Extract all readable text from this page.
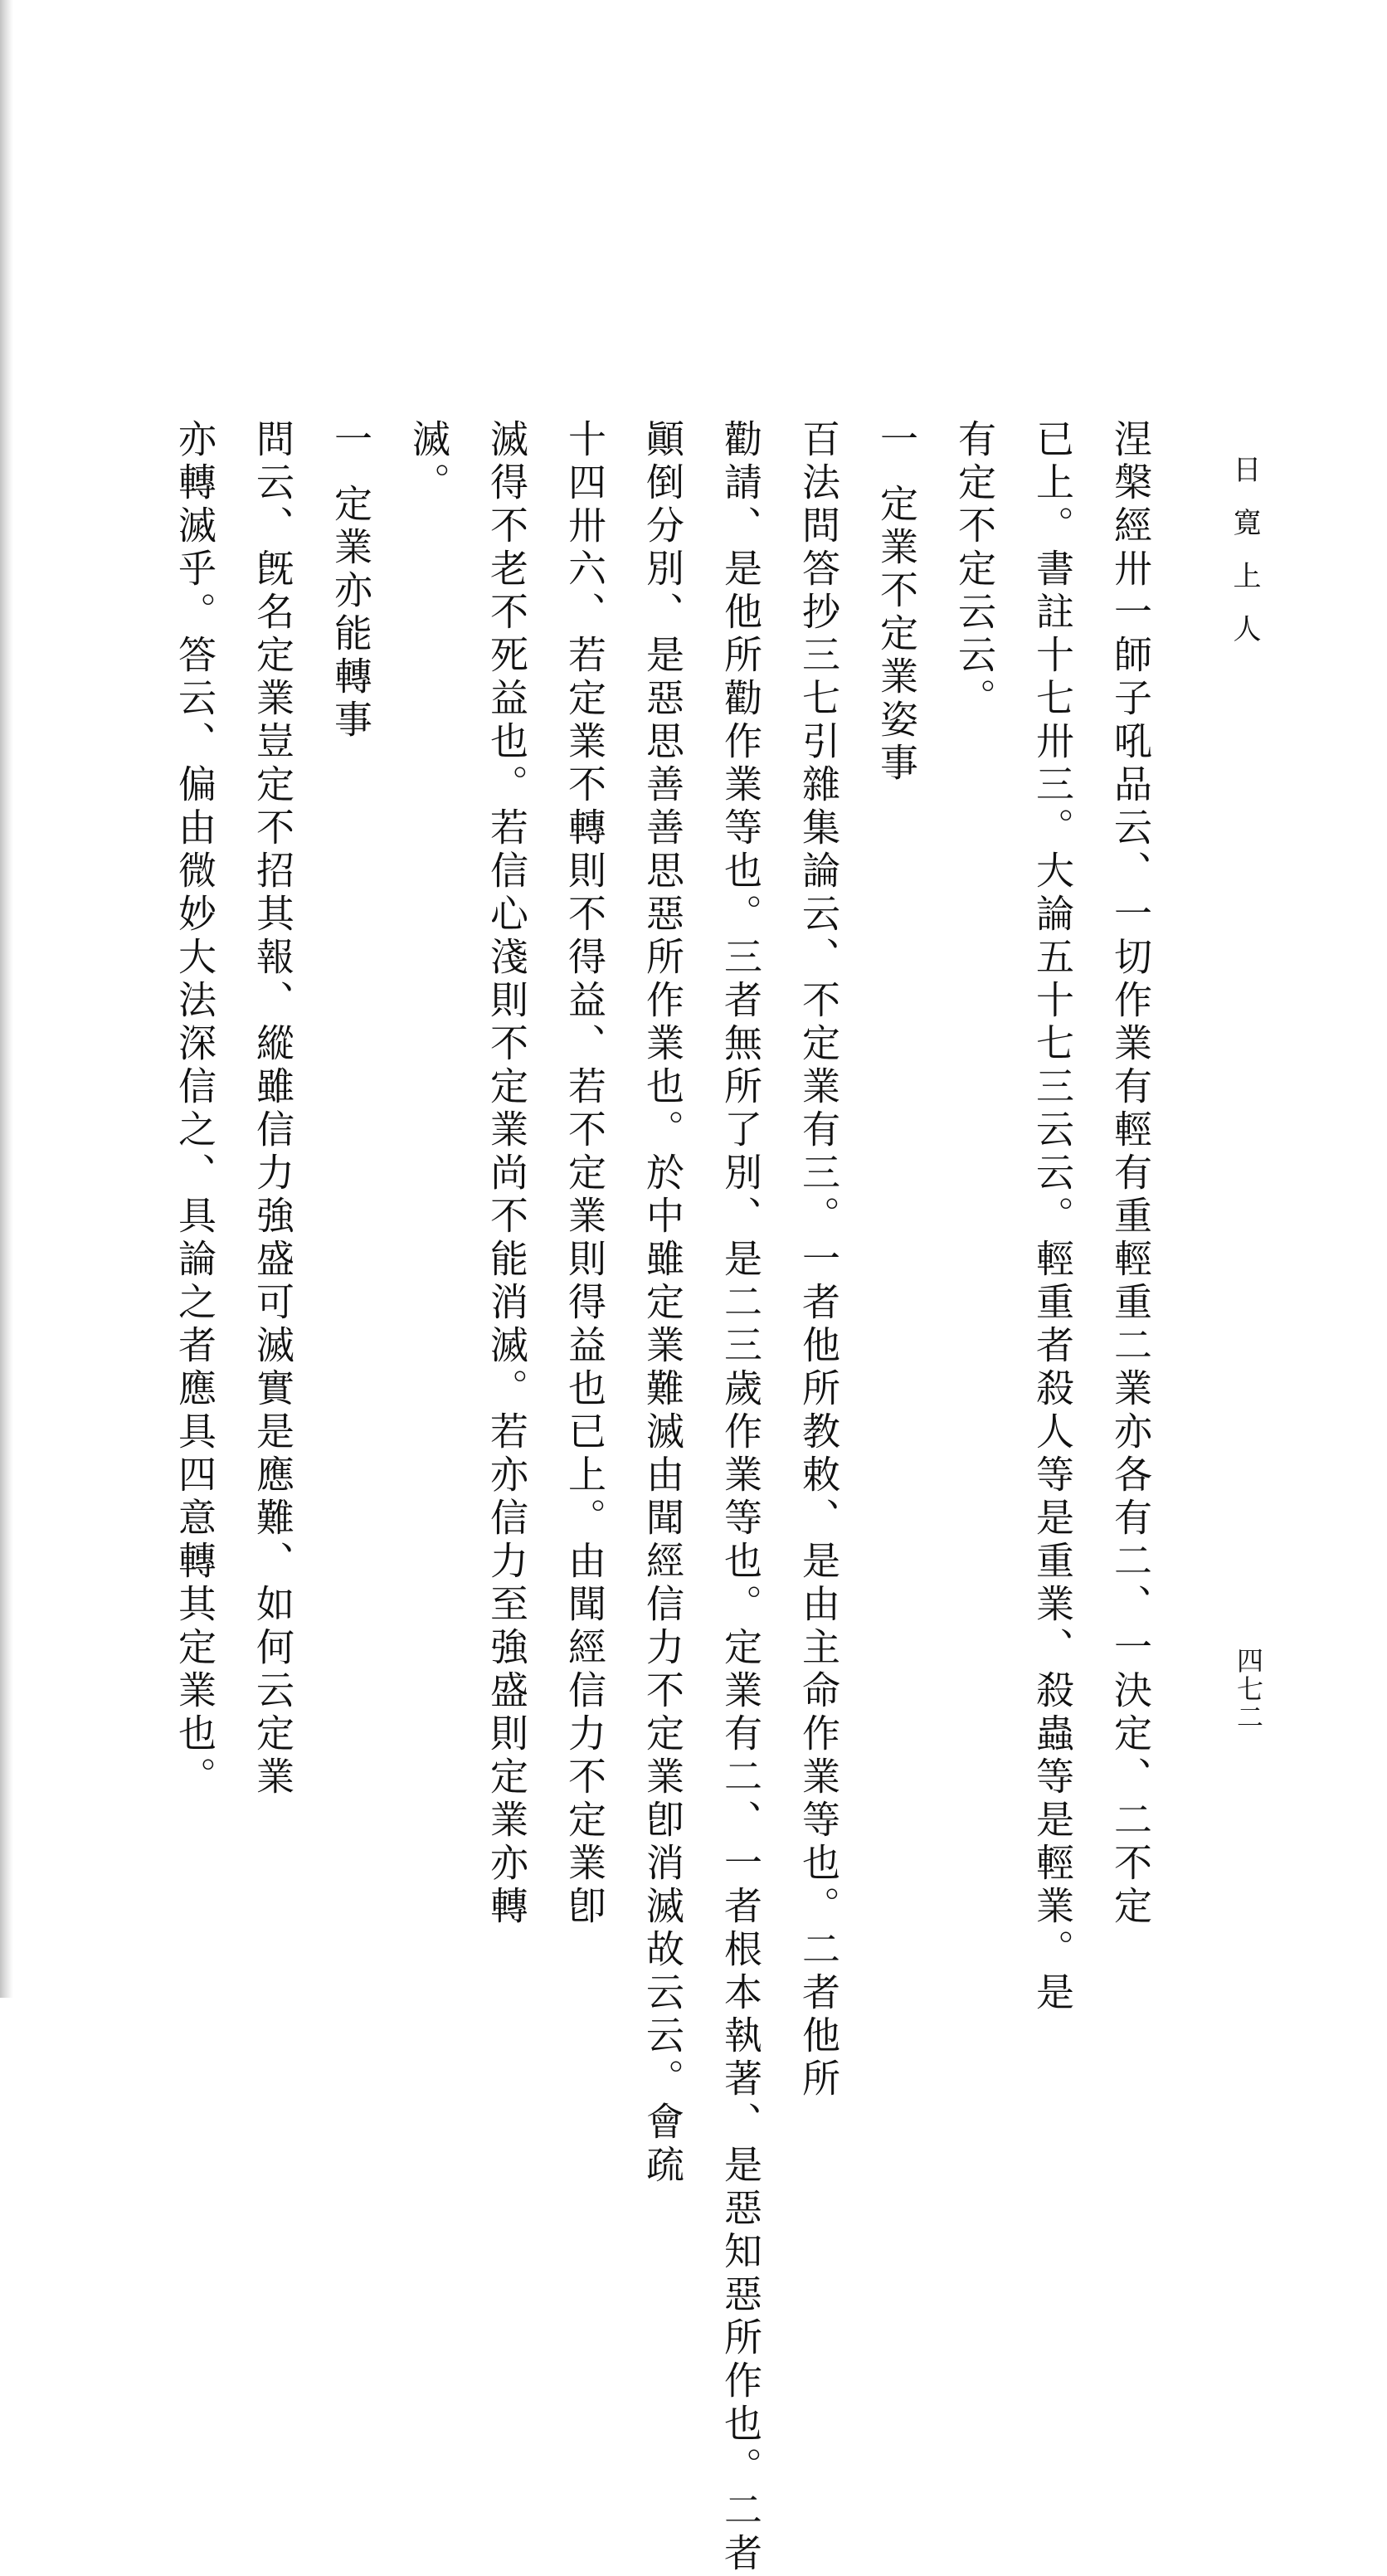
日寛上人
四七二
涅槃經卅一師子吼品云、一切作業有輕有重輕重二業亦各有二、一決定、二不定
已上。書註十七卅三。大論五十七三云云。輕重者殺人等是重業、殺蟲等是輕業。是
有定不定云云。
一定業不定業姿事
百法問答抄三七引雜集論云、不定業有三。一者他所教敕、是由主命作業等也。二者他所
勸請、是他所勸作業等也。三者無所了別、是二三歲作業等也。定業有二、一者根本執著、是惡知惡所作也。二者
顚倒分別、是惡思善善思惡所作業也。於中雖定業難滅由聞經信力不定業卽消滅故云云。會疏
十四卅六、若定業不轉則不得益、若不定業則得益也已上。由聞經信力不定業卽
滅得不老不死益也。若信心淺則不定業尚不能消滅。若亦信力至強盛則定業亦轉
滅。
一定業亦能轉事
問云、旣名定業豈定不招其報、縱雖信力強盛可滅實是應難、如何云定業
亦轉滅乎。答云、偏由微妙大法深信之、具論之者應具四意轉其定業也。
